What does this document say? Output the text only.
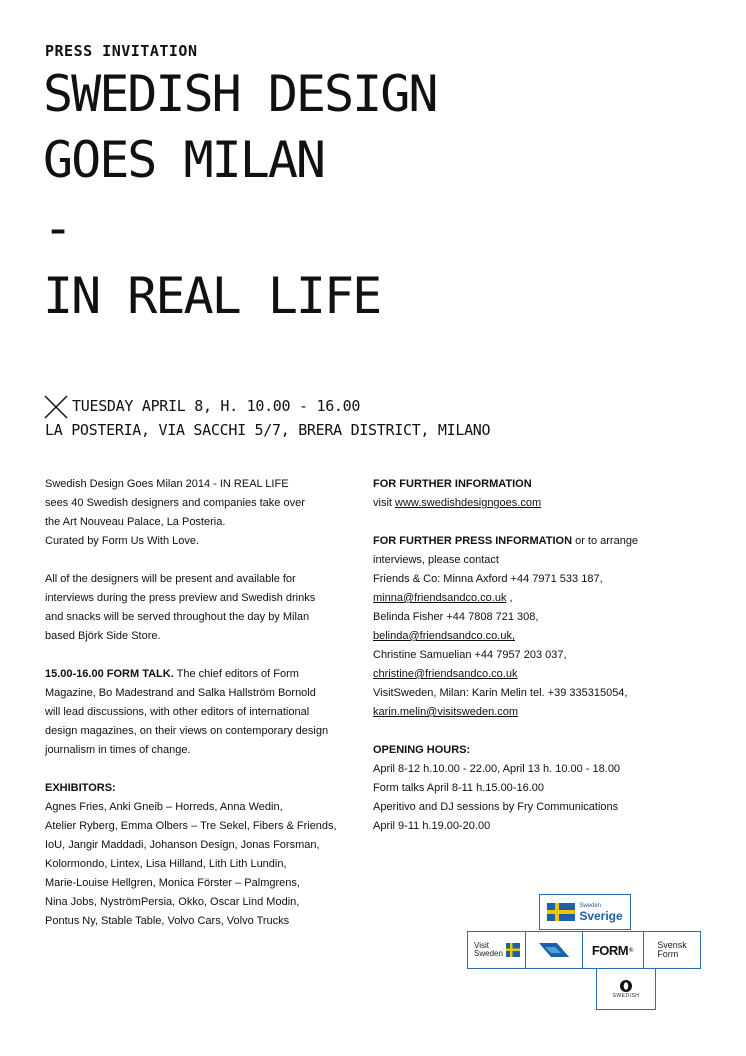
PRESS INVITATION
SWEDISH DESIGN
GOES MILAN
-
IN REAL LIFE
TUESDAY APRIL 8, H. 10.00 - 16.00
LA POSTERIA, VIA SACCHI 5/7, BRERA DISTRICT, MILANO

Swedish Design Goes Milan 2014 - IN REAL LIFE
sees 40 Swedish designers and companies take over
the Art Nouveau Palace, La Posteria.
Curated by Form Us With Love.

All of the designers will be present and available for
interviews during the press preview and Swedish drinks
and snacks will be served throughout the day by Milan
based Björk Side Store.

15.00-16.00 FORM TALK. The chief editors of Form
Magazine, Bo Madestrand and Salka Hallström Bornold
will lead discussions, with other editors of international
design magazines, on their views on contemporary design
journalism in times of change.

EXHIBITORS:
Agnes Fries, Anki Gneib – Horreds, Anna Wedin,
Atelier Ryberg, Emma Olbers – Tre Sekel, Fibers & Friends,
IoU, Jangir Maddadi, Johanson Design, Jonas Forsman,
Kolormondo, Lintex, Lisa Hilland, Lith Lith Lundin,
Marie-Louise Hellgren, Monica Förster – Palmgrens,
Nina Jobs, NyströmPersia, Okko, Oscar Lind Modin,
Pontus Ny, Stable Table, Volvo Cars, Volvo Trucks

FOR FURTHER INFORMATION
visit www.swedishdesigngoes.com

FOR FURTHER PRESS INFORMATION or to arrange
interviews, please contact
Friends & Co: Minna Axford +44 7971 533 187,
minna@friendsandco.co.uk ,
Belinda Fisher +44 7808 721 308,
belinda@friendsandco.co.uk,
Christine Samuelian +44 7957 203 037,
christine@friendsandco.co.uk
VisitSweden, Milan: Karin Melin tel. +39 335315054,
karin.melin@visitsweden.com

OPENING HOURS:
April 8-12 h.10.00 - 22.00, April 13 h. 10.00 - 18.00
Form talks April 8-11 h.15.00-16.00
Aperitivo and DJ sessions by Fry Communications
April 9-11 h.19.00-20.00

Sweden
Sverige
Visit
Sweden	FORM ®	Svensk
Form
SWEDISH
